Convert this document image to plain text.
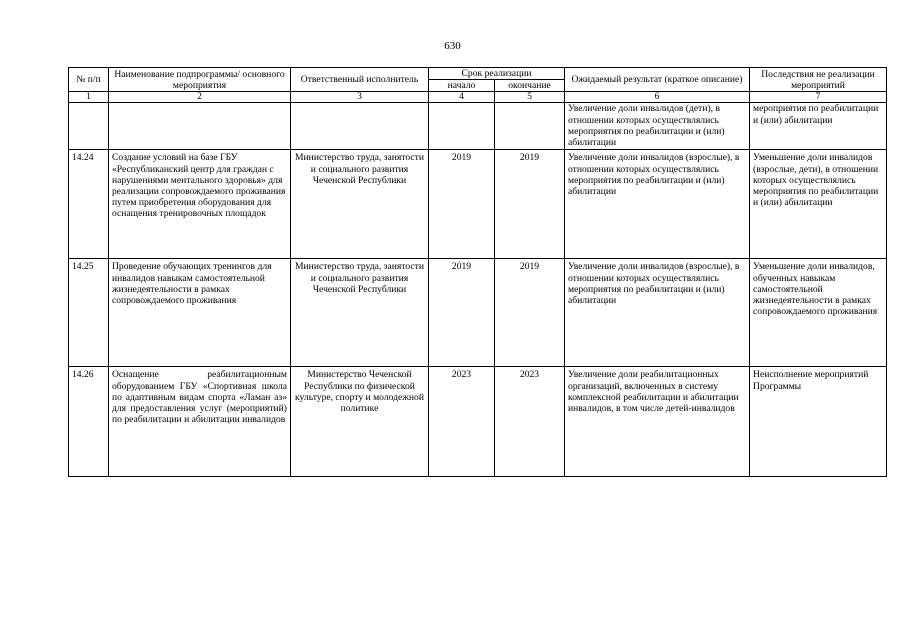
630
№ п/п	Наименование подпрограммы/ основного мероприятия	Ответственный исполнитель	Срок реализации		Ожидаемый результат (краткое описание)	Последствия не реализации мероприятий
			начало	окончание		
1	2	3	4	5	6	7
					Увеличение доли инвалидов (дети), в отношении которых осуществлялись мероприятия по реабилитации и (или) абилитации	мероприятия по реабилитации и (или) абилитации
14.24	Создание условий на базе ГБУ «Республиканский центр для граждан с нарушениями ментального здоровья» для реализации сопровождаемого проживания путем приобретения оборудования для оснащения тренировочных площадок	Министерство труда, занятости и социального развития Чеченской Республики	2019	2019	Увеличение доли инвалидов (взрослые), в отношении которых осуществлялись мероприятия по реабилитации и (или) абилитации	Уменьшение доли инвалидов (взрослые, дети), в отношении которых осуществлялись мероприятия по реабилитации и (или) абилитации
14.25	Проведение обучающих тренингов для инвалидов навыкам самостоятельной жизнедеятельности в рамках сопровождаемого проживания	Министерство труда, занятости и социального развития Чеченской Республики	2019	2019	Увеличение доли инвалидов (взрослые), в отношении которых осуществлялись мероприятия по реабилитации и (или) абилитации	Уменьшение доли инвалидов, обученных навыкам самостоятельной жизнедеятельности в рамках сопровождаемого проживания
14.26	Оснащение реабилитационным оборудованием ГБУ «Спортивная школа по адаптивным видам спорта «Ламан аз» для предоставления услуг (мероприятий) по реабилитации и абилитации инвалидов	Министерство Чеченской Республики по физической культуре, спорту и молодежной политике	2023	2023	Увеличение доли реабилитационных организаций, включенных в систему комплексной реабилитации и абилитации инвалидов, в том числе детей-инвалидов	Неисполнение мероприятий Программы
